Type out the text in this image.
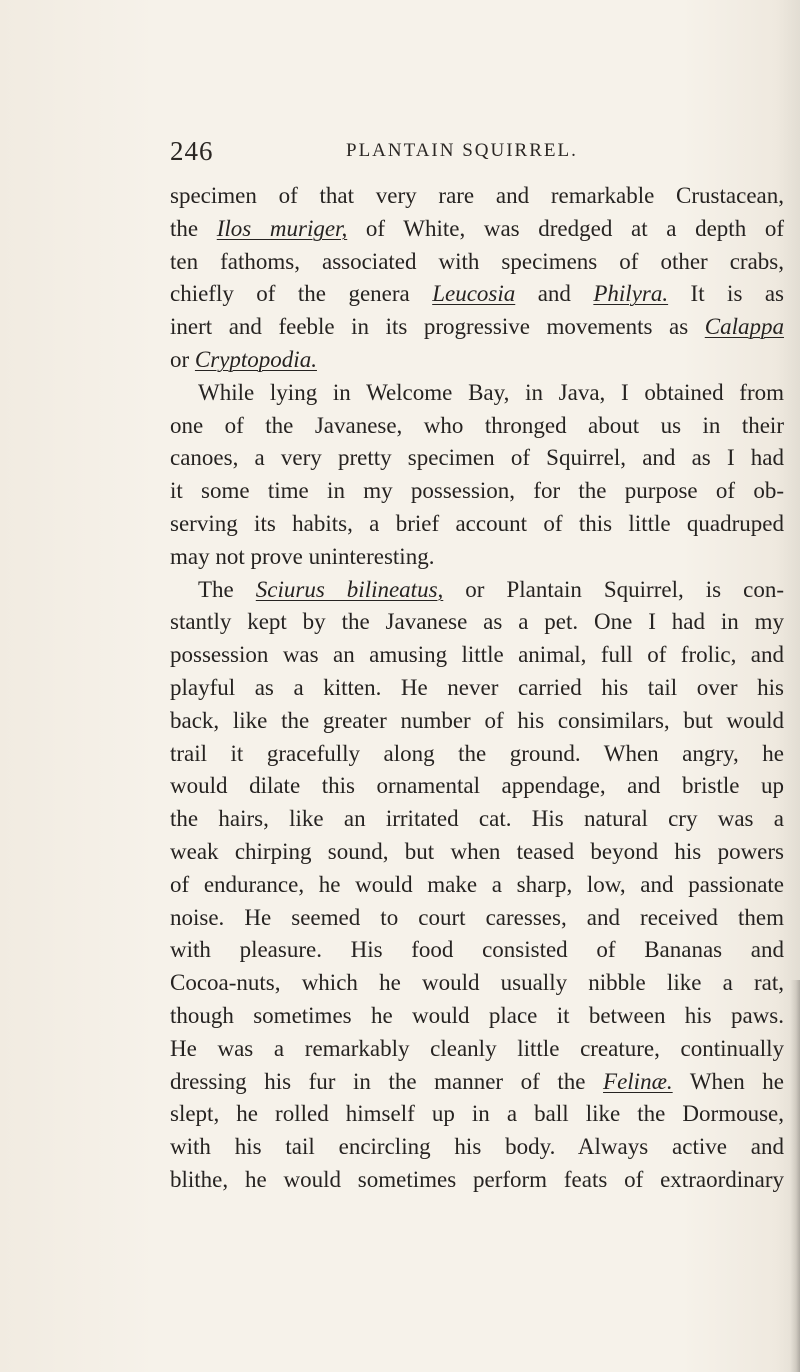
246	PLANTAIN SQUIRREL.
specimen of that very rare and remarkable Crustacean,
the Ilos muriger, of White, was dredged at a depth of
ten fathoms, associated with specimens of other crabs,
chiefly of the genera Leucosia and Philyra. It is as
inert and feeble in its progressive movements as Calappa
or Cryptopodia.
While lying in Welcome Bay, in Java, I obtained from
one of the Javanese, who thronged about us in their
canoes, a very pretty specimen of Squirrel, and as I had
it some time in my possession, for the purpose of ob-
serving its habits, a brief account of this little quadruped
may not prove uninteresting.
The Sciurus bilineatus, or Plantain Squirrel, is con-
stantly kept by the Javanese as a pet. One I had in my
possession was an amusing little animal, full of frolic, and
playful as a kitten. He never carried his tail over his
back, like the greater number of his consimilars, but would
trail it gracefully along the ground. When angry, he
would dilate this ornamental appendage, and bristle up
the hairs, like an irritated cat. His natural cry was a
weak chirping sound, but when teased beyond his powers
of endurance, he would make a sharp, low, and passionate
noise. He seemed to court caresses, and received them
with pleasure. His food consisted of Bananas and
Cocoa-nuts, which he would usually nibble like a rat,
though sometimes he would place it between his paws.
He was a remarkably cleanly little creature, continually
dressing his fur in the manner of the Felinæ. When he
slept, he rolled himself up in a ball like the Dormouse,
with his tail encircling his body. Always active and
blithe, he would sometimes perform feats of extraordinary
